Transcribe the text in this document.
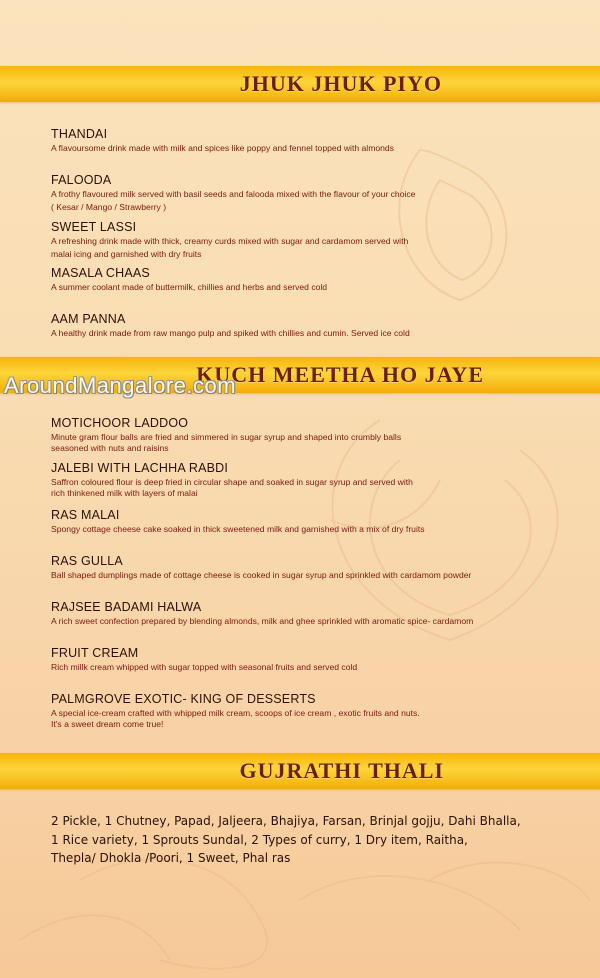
JHUK JHUK PIYO
THANDAI
A flavoursome drink made with milk and spices like poppy and fennel topped with almonds
FALOODA
A frothy flavoured milk served with basil seeds and falooda mixed with the flavour of your choice
( Kesar / Mango / Strawberry )
SWEET LASSI
A refreshing drink made with thick, creamy curds mixed with sugar and cardamom served with
malai icing and garnished with dry fruits
MASALA CHAAS
A summer coolant made of buttermilk, chillies and herbs and served cold
AAM PANNA
A healthy drink made from raw mango pulp and spiked with chillies and cumin. Served ice cold
KUCH MEETHA HO JAYE
AroundMangalore.com
MOTICHOOR LADDOO
Minute gram flour balls are fried and simmered in sugar syrup and shaped into crumbly balls
seasoned with nuts and raisins
JALEBI WITH LACHHA RABDI
Saffron coloured flour is deep fried in circular shape and soaked in sugar syrup and served with
rich thinkened milk with layers of malai
RAS MALAI
Spongy cottage cheese cake soaked in thick sweetened milk and garnished with a mix of dry fruits
RAS GULLA
Ball shaped dumplings made of cottage cheese is cooked in sugar syrup and sprinkled with cardamom powder
RAJSEE BADAMI HALWA
A rich sweet confection prepared by blending almonds, milk and ghee sprinkled with aromatic spice- cardamom
FRUIT CREAM
Rich millk cream whipped with sugar topped with seasonal fruits and served cold
PALMGROVE EXOTIC- KING OF DESSERTS
A special ice-cream crafted with whipped milk cream, scoops of ice cream , exotic fruits and nuts.
It's a sweet dream come true!
GUJRATHI THALI
2 Pickle, 1 Chutney, Papad, Jaljeera, Bhajiya, Farsan, Brinjal gojju, Dahi Bhalla,
1 Rice variety, 1 Sprouts Sundal, 2 Types of curry, 1 Dry item, Raitha,
Thepla/ Dhokla /Poori, 1 Sweet, Phal ras
